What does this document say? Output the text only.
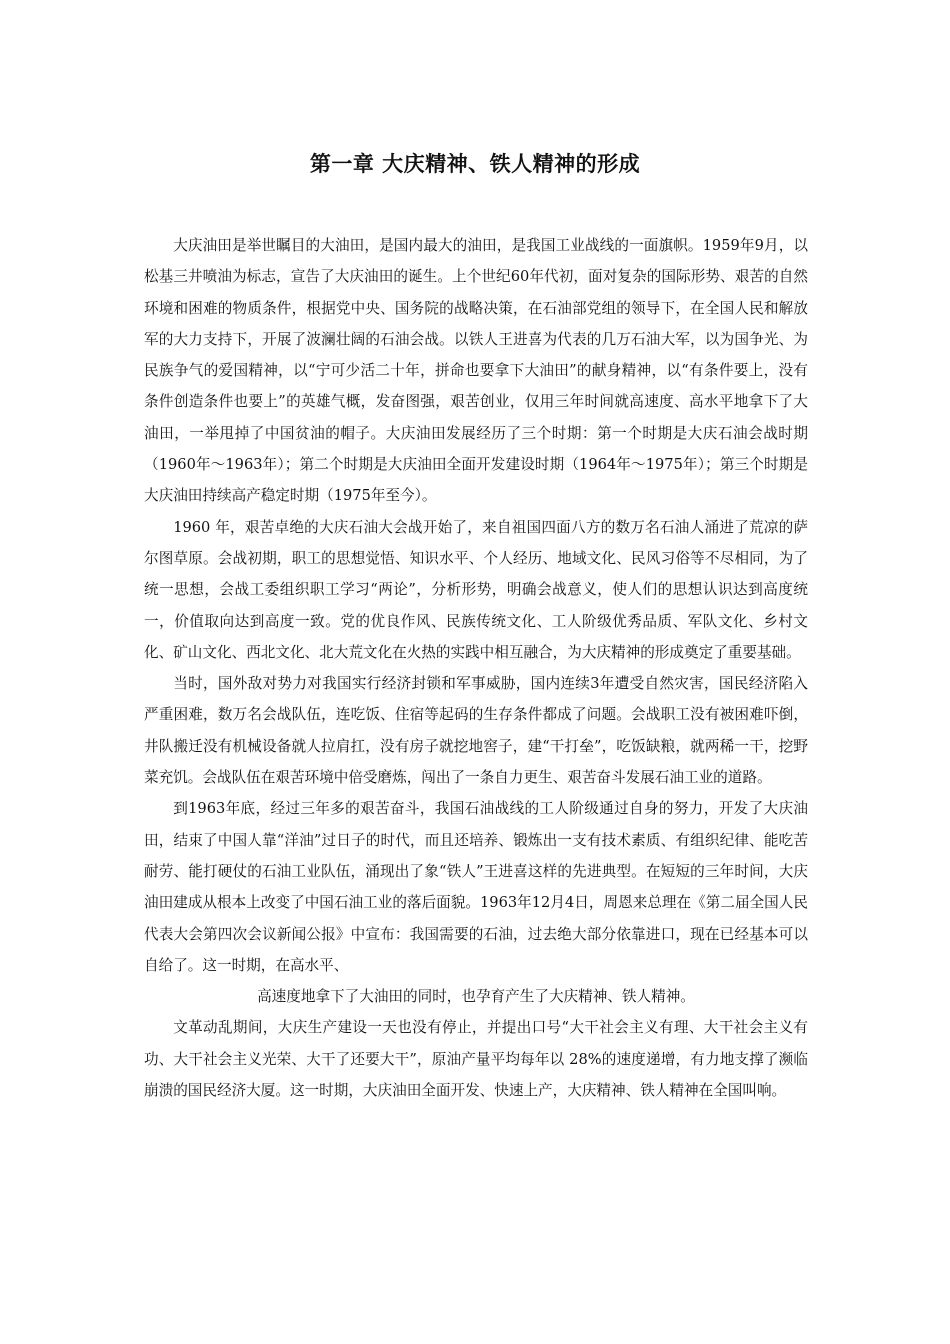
第一章 大庆精神、铁人精神的形成

大庆油田是举世瞩目的大油田，是国内最大的油田，是我国工业战线的一面旗帜。1959年9月，以松基三井喷油为标志，宣告了大庆油田的诞生。上个世纪60年代初，面对复杂的国际形势、艰苦的自然环境和困难的物质条件，根据党中央、国务院的战略决策，在石油部党组的领导下，在全国人民和解放军的大力支持下，开展了波澜壮阔的石油会战。以铁人王进喜为代表的几万石油大军，以为国争光、为民族争气的爱国精神，以“宁可少活二十年，拼命也要拿下大油田”的献身精神，以“有条件要上，没有条件创造条件也要上”的英雄气概，发奋图强，艰苦创业，仅用三年时间就高速度、高水平地拿下了大油田，一举甩掉了中国贫油的帽子。大庆油田发展经历了三个时期：第一个时期是大庆石油会战时期（1960年～1963年）；第二个时期是大庆油田全面开发建设时期（1964年～1975年）；第三个时期是大庆油田持续高产稳定时期（1975年至今）。

1960 年，艰苦卓绝的大庆石油大会战开始了，来自祖国四面八方的数万名石油人涌进了荒凉的萨尔图草原。会战初期，职工的思想觉悟、知识水平、个人经历、地域文化、民风习俗等不尽相同，为了统一思想，会战工委组织职工学习“两论”，分析形势，明确会战意义，使人们的思想认识达到高度统一，价值取向达到高度一致。党的优良作风、民族传统文化、工人阶级优秀品质、军队文化、乡村文化、矿山文化、西北文化、北大荒文化在火热的实践中相互融合，为大庆精神的形成奠定了重要基础。

当时，国外敌对势力对我国实行经济封锁和军事威胁，国内连续3年遭受自然灾害，国民经济陷入严重困难，数万名会战队伍，连吃饭、住宿等起码的生存条件都成了问题。会战职工没有被困难吓倒，井队搬迁没有机械设备就人拉肩扛，没有房子就挖地窖子，建“干打垒”，吃饭缺粮，就两稀一干，挖野菜充饥。会战队伍在艰苦环境中倍受磨炼，闯出了一条自力更生、艰苦奋斗发展石油工业的道路。

到1963年底，经过三年多的艰苦奋斗，我国石油战线的工人阶级通过自身的努力，开发了大庆油田，结束了中国人靠“洋油”过日子的时代，而且还培养、锻炼出一支有技术素质、有组织纪律、能吃苦耐劳、能打硬仗的石油工业队伍，涌现出了象“铁人”王进喜这样的先进典型。在短短的三年时间，大庆油田建成从根本上改变了中国石油工业的落后面貌。1963年12月4日，周恩来总理在《第二届全国人民代表大会第四次会议新闻公报》中宣布：我国需要的石油，过去绝大部分依靠进口，现在已经基本可以自给了。这一时期，在高水平、

高速度地拿下了大油田的同时，也孕育产生了大庆精神、铁人精神。

文革动乱期间，大庆生产建设一天也没有停止，并提出口号“大干社会主义有理、大干社会主义有功、大干社会主义光荣、大干了还要大干”，原油产量平均每年以 28%的速度递增，有力地支撑了濒临崩溃的国民经济大厦。这一时期，大庆油田全面开发、快速上产，大庆精神、铁人精神在全国叫响。
